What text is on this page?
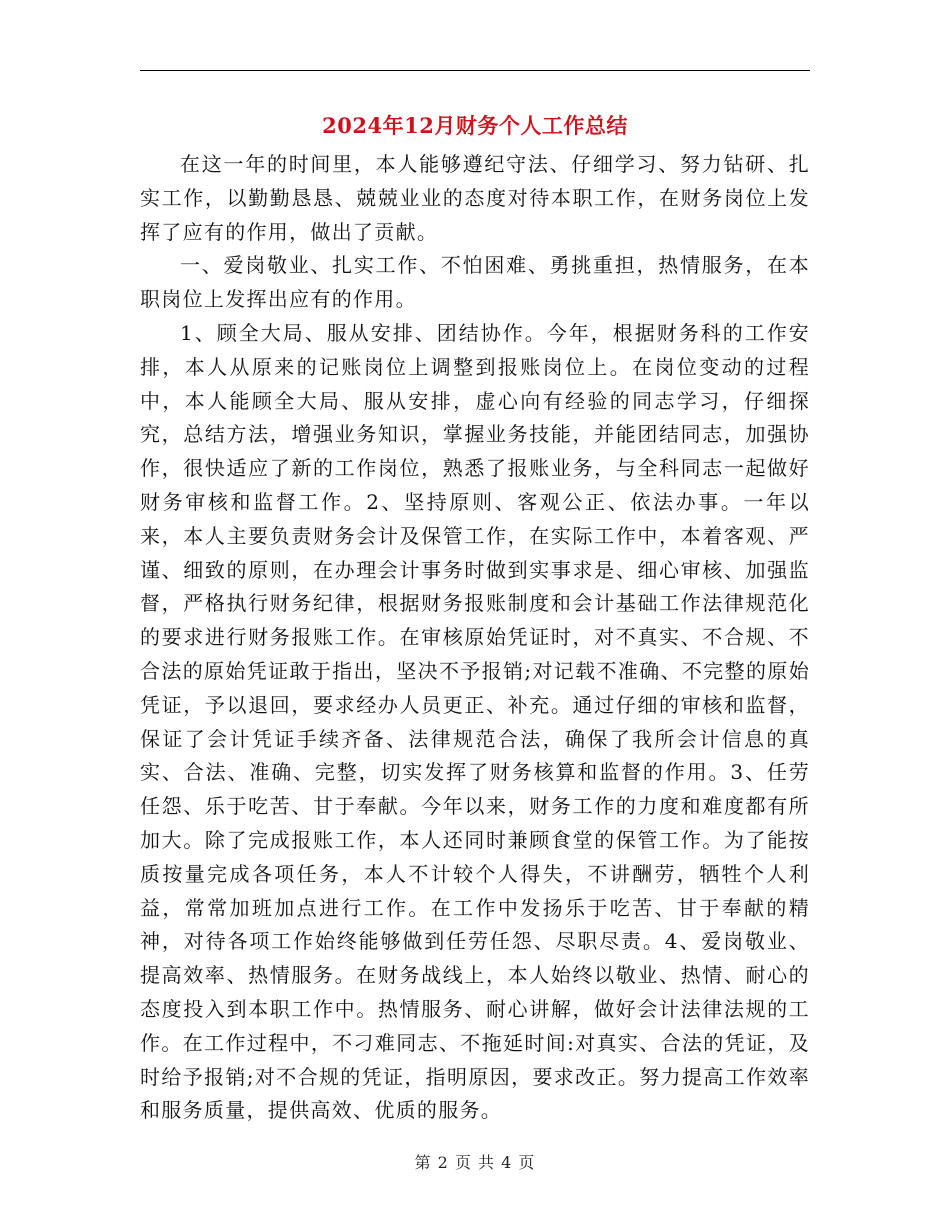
2024年12月财务个人工作总结

在这一年的时间里，本人能够遵纪守法、仔细学习、努力钻研、扎实工作，以勤勤恳恳、兢兢业业的态度对待本职工作，在财务岗位上发挥了应有的作用，做出了贡献。

一、爱岗敬业、扎实工作、不怕困难、勇挑重担，热情服务，在本职岗位上发挥出应有的作用。

1、顾全大局、服从安排、团结协作。今年，根据财务科的工作安排，本人从原来的记账岗位上调整到报账岗位上。在岗位变动的过程中，本人能顾全大局、服从安排，虚心向有经验的同志学习，仔细探究，总结方法，增强业务知识，掌握业务技能，并能团结同志，加强协作，很快适应了新的工作岗位，熟悉了报账业务，与全科同志一起做好财务审核和监督工作。2、坚持原则、客观公正、依法办事。一年以来，本人主要负责财务会计及保管工作，在实际工作中，本着客观、严谨、细致的原则，在办理会计事务时做到实事求是、细心审核、加强监督，严格执行财务纪律，根据财务报账制度和会计基础工作法律规范化的要求进行财务报账工作。在审核原始凭证时，对不真实、不合规、不合法的原始凭证敢于指出，坚决不予报销;对记载不准确、不完整的原始凭证，予以退回，要求经办人员更正、补充。通过仔细的审核和监督，保证了会计凭证手续齐备、法律规范合法，确保了我所会计信息的真实、合法、准确、完整，切实发挥了财务核算和监督的作用。3、任劳任怨、乐于吃苦、甘于奉献。今年以来，财务工作的力度和难度都有所加大。除了完成报账工作，本人还同时兼顾食堂的保管工作。为了能按质按量完成各项任务，本人不计较个人得失，不讲酬劳，牺牲个人利益，常常加班加点进行工作。在工作中发扬乐于吃苦、甘于奉献的精神，对待各项工作始终能够做到任劳任怨、尽职尽责。4、爱岗敬业、提高效率、热情服务。在财务战线上，本人始终以敬业、热情、耐心的态度投入到本职工作中。热情服务、耐心讲解，做好会计法律法规的工作。在工作过程中，不刁难同志、不拖延时间:对真实、合法的凭证，及时给予报销;对不合规的凭证，指明原因，要求改正。努力提高工作效率和服务质量，提供高效、优质的服务。

第 2 页 共 4 页
